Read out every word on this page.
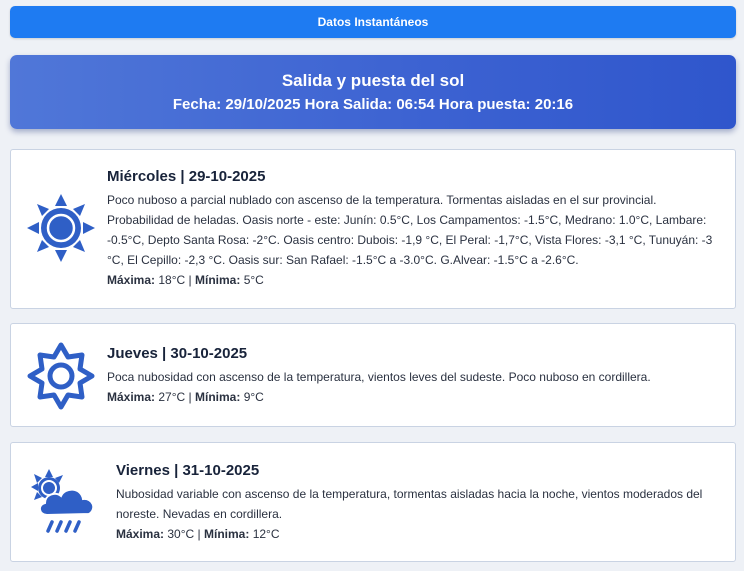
Datos Instantáneos
Salida y puesta del sol
Fecha: 29/10/2025 Hora Salida: 06:54 Hora puesta: 20:16
Miércoles | 29-10-2025

Poco nuboso a parcial nublado con ascenso de la temperatura. Tormentas aisladas en el sur provincial. Probabilidad de heladas. Oasis norte - este: Junín: 0.5°C, Los Campamentos: -1.5°C, Medrano: 1.0°C, Lambare: -0.5°C, Depto Santa Rosa: -2°C. Oasis centro: Dubois: -1,9 °C, El Peral: -1,7°C, Vista Flores: -3,1 °C, Tunuyán: -3 °C, El Cepillo: -2,3 °C. Oasis sur: San Rafael: -1.5°C a -3.0°C. G.Alvear: -1.5°C a -2.6°C.

Máxima: 18°C | Mínima: 5°C
Jueves | 30-10-2025

Poca nubosidad con ascenso de la temperatura, vientos leves del sudeste. Poco nuboso en cordillera.

Máxima: 27°C | Mínima: 9°C
Viernes | 31-10-2025

Nubosidad variable con ascenso de la temperatura, tormentas aisladas hacia la noche, vientos moderados del noreste. Nevadas en cordillera.

Máxima: 30°C | Mínima: 12°C
